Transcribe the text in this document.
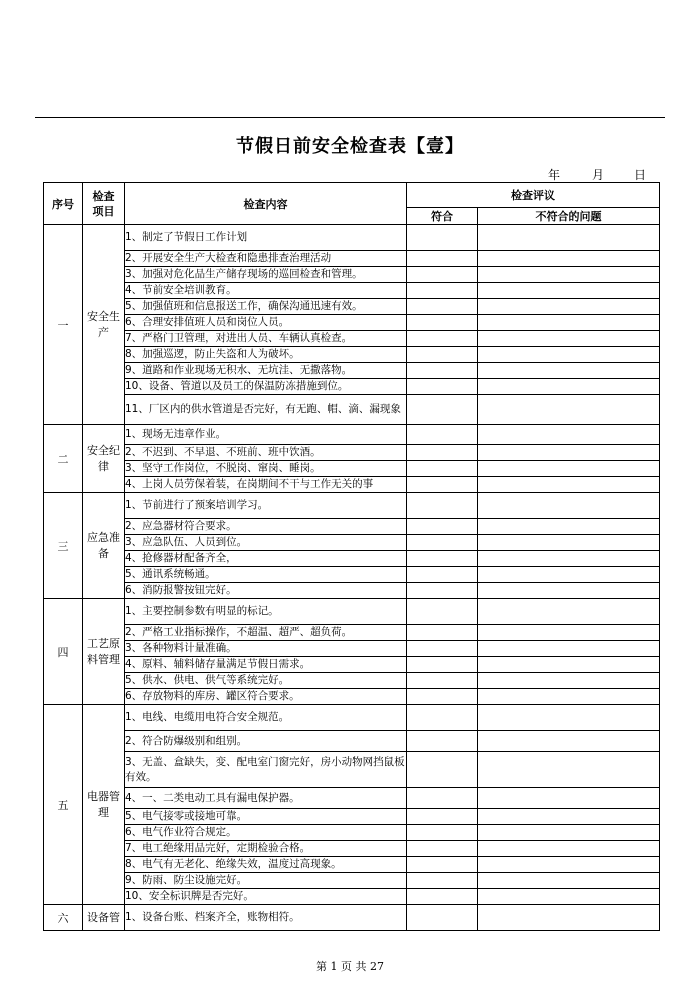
节假日前安全检查表【壹】
年	月 日
序号	检查项目	检查内容	检查评议	
			符合	不符合的问题
一	安全生产	1、制定了节假日工作计划		
		2、开展安全生产大检查和隐患排查治理活动		
		3、加强对危化品生产储存现场的巡回检查和管理。		
		4、节前安全培训教育。		
		5、加强值班和信息报送工作，确保沟通迅速有效。		
		6、合理安排值班人员和岗位人员。		
		7、严格门卫管理，对进出人员、车辆认真检查。		
		8、加强巡逻，防止失盗和人为破坏。		
		9、道路和作业现场无积水、无坑洼、无撒落物。		
		10、设备、管道以及员工的保温防冻措施到位。		
		11、厂区内的供水管道是否完好，有无跑、帽、滴、漏现象		
二	安全纪律	1、现场无违章作业。		
		2、不迟到、不早退、不班前、班中饮酒。		
		3、坚守工作岗位，不脱岗、窜岗、睡岗。		
		4、上岗人员劳保着装，在岗期间不干与工作无关的事		
三	应急准备	1、节前进行了预案培训学习。		
		2、应急器材符合要求。		
		3、应急队伍、人员到位。		
		4、抢修器材配备齐全，		
		5、通讯系统畅通。		
		6、消防报警按钮完好。		
四	工艺原料管理	1、主要控制参数有明显的标记。		
		2、严格工业指标操作，不超温、超严、超负荷。		
		3、各种物料计量准确。		
		4、原料、辅料储存量满足节假日需求。		
		5、供水、供电、供气等系统完好。		
		6、存放物料的库房、罐区符合要求。		
五	电器管理	1、电线、电缆用电符合安全规范。		
		2、符合防爆级别和组别。		
		3、无盖、盒缺失，变、配电室门窗完好，房小动物网挡鼠板有效。		
		4、一、二类电动工具有漏电保护器。		
		5、电气接零或接地可靠。		
		6、电气作业符合规定。		
		7、电工绝缘用品完好，定期检验合格。		
		8、电气有无老化、绝缘失效，温度过高现象。		
		9、防雨、防尘设施完好。		
		10、安全标识牌是否完好。		
六	设备管	1、设备台账、档案齐全，账物相符。		
第 1 页 共 27
